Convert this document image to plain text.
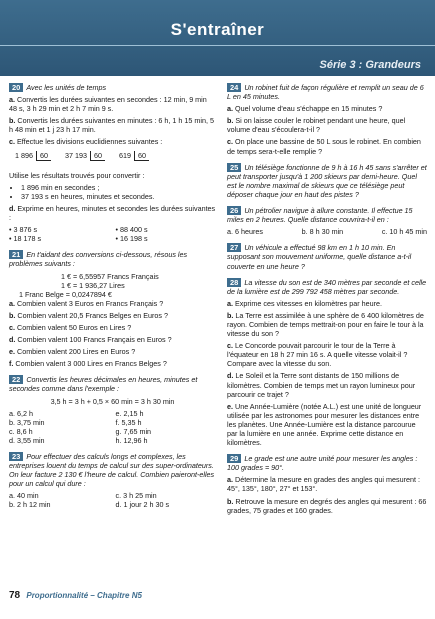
S'entraîner
Série 3 : Grandeurs

20 Avec les unités de temps

a. Convertis les durées suivantes en secondes : 12 min, 9 min 48 s, 3 h 29 min et 2 h 7 min 9 s.

b. Convertis les durées suivantes en minutes : 6 h, 1 h 15 min, 5 h 48 min et 1 j 23 h 17 min.

c. Effectue les divisions euclidiennes suivantes :

1 896 60	37 193 60	619 60

Utilise les résultats trouvés pour convertir :

• 1 896 min en secondes ;
• 37 193 s en heures, minutes et secondes.

d. Exprime en heures, minutes et secondes les durées suivantes :

• 3 876 s	• 88 400 s
• 18 178 s	• 16 198 s

21 En t'aidant des conversions ci-dessous, résous les problèmes suivants :

1 € = 6,55957 Francs Français
1 € = 1 936,27 Lires
1 Franc Belge = 0,0247894 €

a. Combien valent 3 Euros en Francs Français ?

b. Combien valent 20,5 Francs Belges en Euros ?

c. Combien valent 50 Euros en Lires ?

d. Combien valent 100 Francs Français en Euros ?

e. Combien valent 200 Lires en Euros ?

f. Combien valent 3 000 Lires en Francs Belges ?

22 Convertis les heures décimales en heures, minutes et secondes comme dans l'exemple :

3,5 h = 3 h + 0,5 × 60 min = 3 h 30 min

a. 6,2 h	e. 2,15 h
b. 3,75 min	f. 5,35 h
c. 8,6 h	g. 7,65 min
d. 3,55 min	h. 12,96 h

23 Pour effectuer des calculs longs et complexes, les entreprises louent du temps de calcul sur des super-ordinateurs. On leur facture 2 130 € l'heure de calcul. Combien paieront-elles pour un calcul qui dure :

a. 40 min	c. 3 h 25 min
b. 2 h 12 min	d. 1 jour 2 h 30 s

24 Un robinet fuit de façon régulière et remplit un seau de 6 L en 45 minutes.

a. Quel volume d'eau s'échappe en 15 minutes ?

b. Si on laisse couler le robinet pendant une heure, quel volume d'eau s'écoulera-t-il ?

c. On place une bassine de 50 L sous le robinet. En combien de temps sera-t-elle remplie ?

25 Un télésiège fonctionne de 9 h à 16 h 45 sans s'arrêter et peut transporter jusqu'à 1 200 skieurs par demi-heure. Quel est le nombre maximal de skieurs que ce télésiège peut déposer chaque jour en haut des pistes ?

26 Un pétrolier navigue à allure constante. Il effectue 15 miles en 2 heures. Quelle distance couvrira-t-il en :

a. 6 heures	b. 8 h 30 min	c. 10 h 45 min

27 Un véhicule a effectué 98 km en 1 h 10 min. En supposant son mouvement uniforme, quelle distance a-t-il couverte en une heure ?

28 La vitesse du son est de 340 mètres par seconde et celle de la lumière est de 299 792 458 mètres par seconde.

a. Exprime ces vitesses en kilomètres par heure.

b. La Terre est assimilée à une sphère de 6 400 kilomètres de rayon. Combien de temps mettrait-on pour en faire le tour à la vitesse du son ?

c. Le Concorde pouvait parcourir le tour de la Terre à l'équateur en 18 h 27 min 16 s. A quelle vitesse volait-il ? Compare avec la vitesse du son.

d. Le Soleil et la Terre sont distants de 150 millions de kilomètres. Combien de temps met un rayon lumineux pour parcourir ce trajet ?

e. Une Année-Lumière (notée A.L.) est une unité de longueur utilisée par les astronomes pour mesurer les distances entre les planètes. Une Année-Lumière est la distance parcourue par la lumière en une année. Exprime cette distance en kilomètres.

29 Le grade est une autre unité pour mesurer les angles : 100 grades = 90°.

a. Détermine la mesure en grades des angles qui mesurent : 45°, 135°, 180°, 27° et 153°.

b. Retrouve la mesure en degrés des angles qui mesurent : 66 grades, 75 grades et 160 grades.

78 Proportionnalité – Chapitre N5
